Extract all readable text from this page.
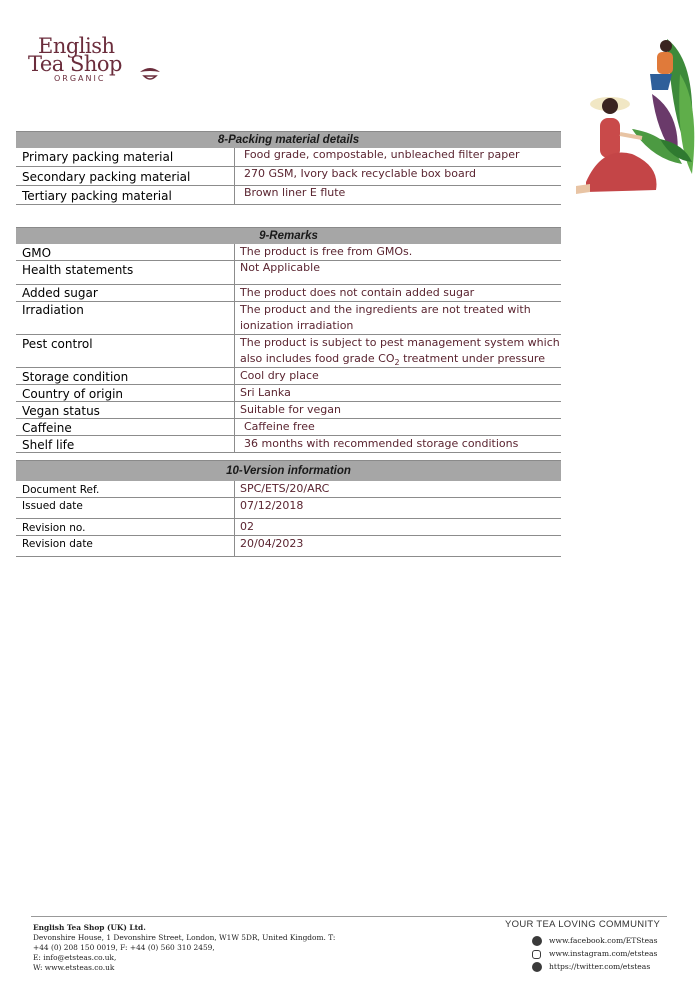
English
Tea Shop
ORGANIC
8-Packing material details
Primary packing material	Food grade, compostable, unbleached filter paper
Secondary packing material	270 GSM, Ivory back recyclable box board
Tertiary packing material	Brown liner E flute
9-Remarks
GMO	The product is free from GMOs.
Health statements	Not Applicable
Added sugar	The product does not contain added sugar
Irradiation	The product and the ingredients are not treated with
ionization irradiation
Pest control	The product is subject to pest management system which
also includes food grade $CO_2$ treatment under pressure
Storage condition	Cool dry place
Country of origin	Sri Lanka
Vegan status	Suitable for vegan
Caffeine	Caffeine free
Shelf life	36 months with recommended storage conditions
10-Version information
Document Ref.	SPC/ETS/20/ARC
Issued date	07/12/2018
Revision no.	02
Revision date	20/04/2023
English Tea Shop (UK) Ltd.
Devonshire House, 1 Devonshire Street, London, W1W 5DR, United Kingdom. T:
+44 (0) 208 150 0019, F: +44 (0) 560 310 2459,
E: info@etsteas.co.uk,
W: www.etsteas.co.uk
YOUR TEA LOVING COMMUNITY
www.facebook.com/ETSteas
www.instagram.com/etsteas
https://twitter.com/etsteas
